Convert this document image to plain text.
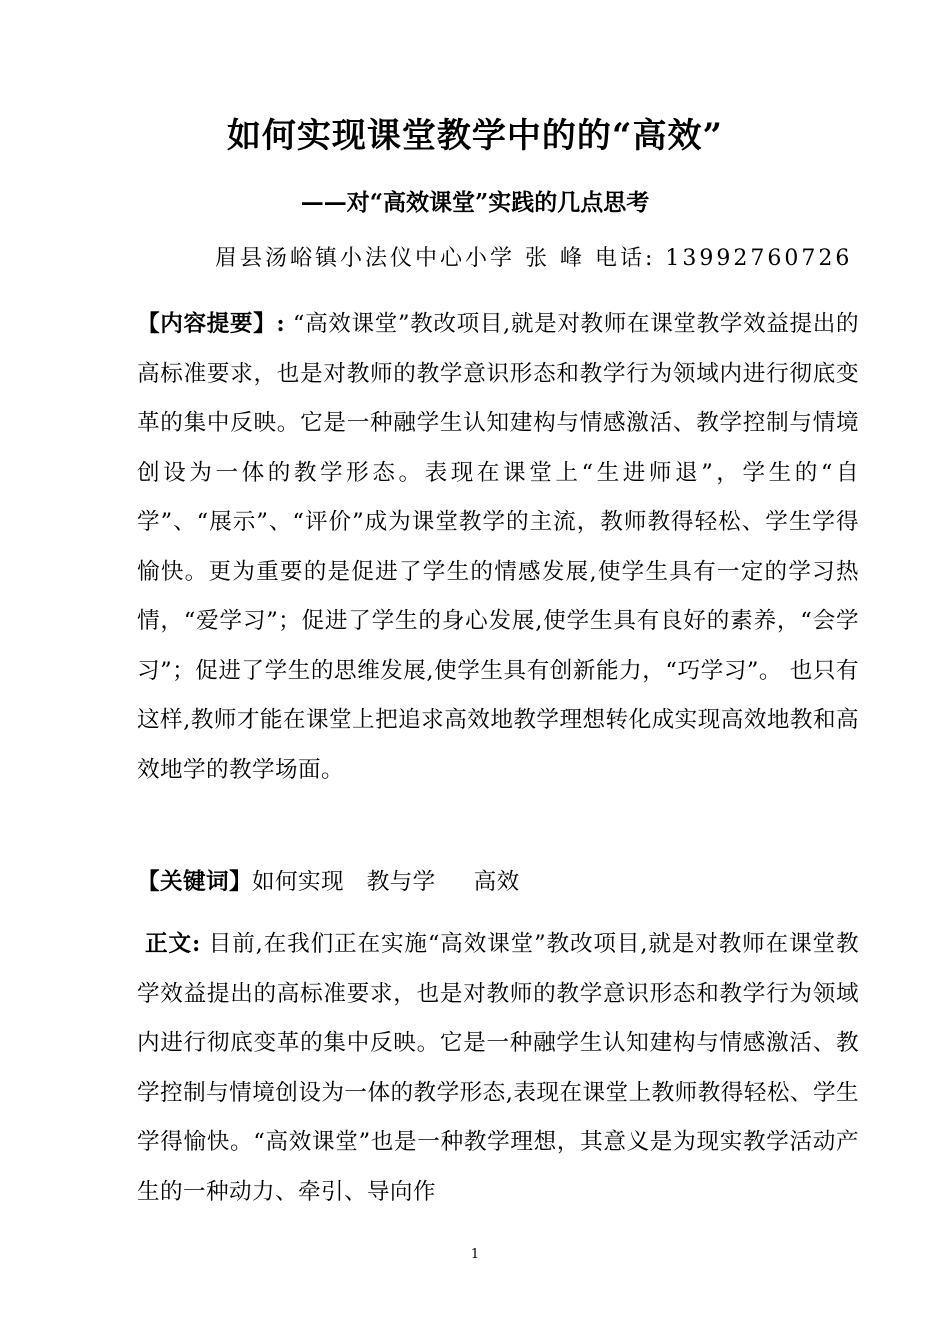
如何实现课堂教学中的的“高效”
——对“高效课堂”实践的几点思考
眉县汤峪镇小法仪中心小学 张 峰 电话: 13992760726

【内容提要】: “高效课堂”教改项目,就是对教师在课堂教学效益提出的高标准要求，也是对教师的教学意识形态和教学行为领域内进行彻底变革的集中反映。它是一种融学生认知建构与情感激活、教学控制与情境创设为一体的教学形态。表现在课堂上“生进师退”，学生的“自学”、“展示”、“评价”成为课堂教学的主流，教师教得轻松、学生学得愉快。更为重要的是促进了学生的情感发展,使学生具有一定的学习热情，“爱学习”；促进了学生的身心发展,使学生具有良好的素养，“会学习”；促进了学生的思维发展,使学生具有创新能力，“巧学习”。 也只有这样,教师才能在课堂上把追求高效地教学理想转化成实现高效地教和高效地学的教学场面。

【关键词】如何实现   教与学     高效

正文: 目前,在我们正在实施“高效课堂”教改项目,就是对教师在课堂教学效益提出的高标准要求，也是对教师的教学意识形态和教学行为领域内进行彻底变革的集中反映。它是一种融学生认知建构与情感激活、教学控制与情境创设为一体的教学形态,表现在课堂上教师教得轻松、学生学得愉快。“高效课堂”也是一种教学理想，其意义是为现实教学活动产生的一种动力、牵引、导向作

1
